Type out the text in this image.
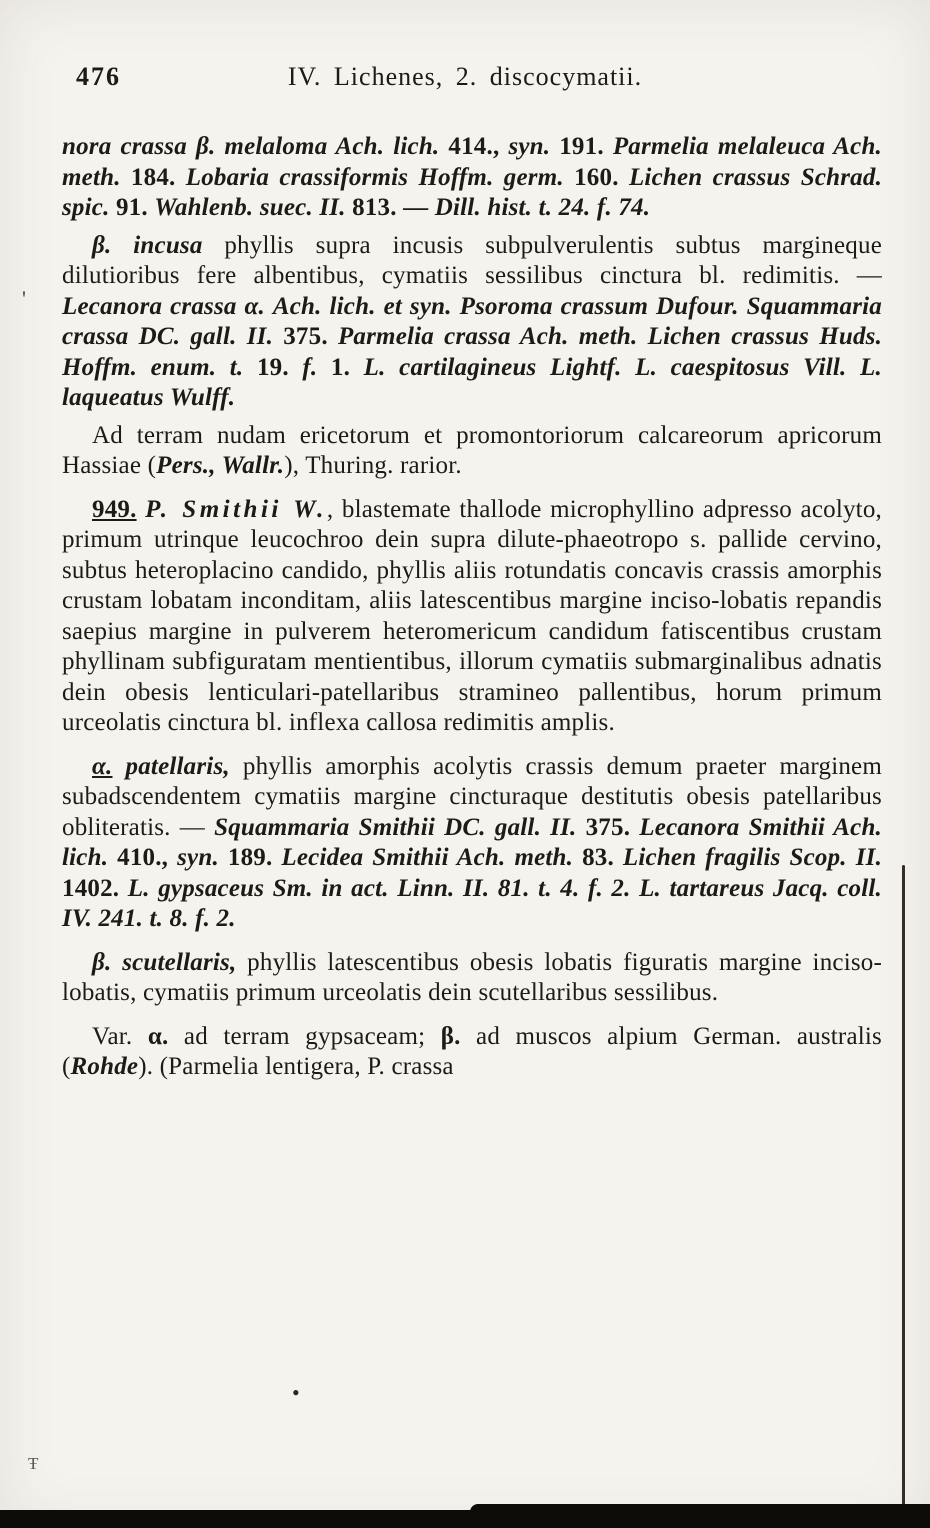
476	IV. Lichenes, 2. discocymatii.

nora crassa β. melaloma Ach. lich. 414., syn. 191. Parmelia melaleuca Ach. meth. 184. Lobaria crassiformis Hoffm. germ. 160. Lichen crassus Schrad. spic. 91. Wahlenb. suec. II. 813. — Dill. hist. t. 24. f. 74.

β. incusa phyllis supra incusis subpulverulentis subtus margineque dilutioribus fere albentibus, cymatiis sessilibus cinctura bl. redimitis. — Lecanora crassa α. Ach. lich. et syn. Psoroma crassum Dufour. Squammaria crassa DC. gall. II. 375. Parmelia crassa Ach. meth. Lichen crassus Huds. Hoffm. enum. t. 19. f. 1. L. cartilagineus Lightf. L. caespitosus Vill. L. laqueatus Wulff.

Ad terram nudam ericetorum et promontoriorum calcareorum apricorum Hassiae (Pers., Wallr.), Thuring. rarior.

949. P. Smithii W., blastemate thallode microphyllino adpresso acolyto, primum utrinque leucochroo dein supra dilute-phaeotropo s. pallide cervino, subtus heteroplacino candido, phyllis aliis rotundatis concavis crassis amorphis crustam lobatam inconditam, aliis latescentibus margine inciso-lobatis repandis saepius margine in pulverem heteromericum candidum fatiscentibus crustam phyllinam subfiguratam mentientibus, illorum cymatiis submarginalibus adnatis dein obesis lenticulari-patellaribus stramineo pallentibus, horum primum urceolatis cinctura bl. inflexa callosa redimitis amplis.

α. patellaris, phyllis amorphis acolytis crassis demum praeter marginem subadscendentem cymatiis margine cincturaque destitutis obesis patellaribus obliteratis. — Squammaria Smithii DC. gall. II. 375. Lecanora Smithii Ach. lich. 410., syn. 189. Lecidea Smithii Ach. meth. 83. Lichen fragilis Scop. II. 1402. L. gypsaceus Sm. in act. Linn. II. 81. t. 4. f. 2. L. tartareus Jacq. coll. IV. 241. t. 8. f. 2.

β. scutellaris, phyllis latescentibus obesis lobatis figuratis margine inciso-lobatis, cymatiis primum urceolatis dein scutellaribus sessilibus.

Var. α. ad terram gypsaceam; β. ad muscos alpium German. australis (Rohde). (Parmelia lentigera, P. crassa

•
'
Ŧ
